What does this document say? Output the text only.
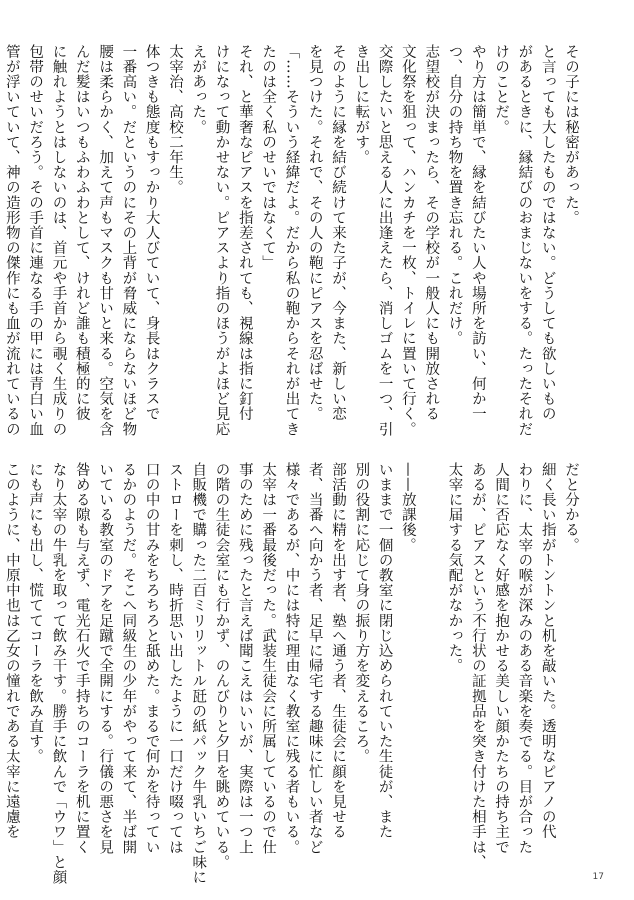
その子には秘密があった。
と言っても大したものではない。どうしても欲しいもの
があるときに、縁結びのおまじないをする。たったそれだ
けのことだ。
やり方は簡単で、縁を結びたい人や場所を訪い、何か一
つ、自分の持ち物を置き忘れる。これだけ。
志望校が決まったら、その学校が一般人にも開放される
文化祭を狙って、ハンカチを一枚、トイレに置いて行く。
交際したいと思える人に出逢えたら、消しゴムを一つ、引
き出しに転がす。
そのように縁を結び続けて来た子が、今また、新しい恋
を見つけた。それで、その人の鞄にピアスを忍ばせた。
「……そういう経緯だよ。だから私の鞄からそれが出てき
たのは全く私のせいではなくて」
それ、と華奢なピアスを指差されても、視線は指に釘付
けになって動かせない。ピアスより指のほうがよほど見応
えがあった。
太宰治、高校二年生。
体つきも態度もすっかり大人びていて、身長はクラスで
一番高い。だというのにその上背が脅威にならないほど物
腰は柔らかく、加えて声もマスクも甘いと来る。空気を含
んだ髪はいつもふわふわとして、けれど誰も積極的に彼
に触れようとはしないのは、首元や手首から覗く生成りの
包帯のせいだろう。その手首に連なる手の甲には青白い血
管が浮いていて、神の造形物の傑作にも血が流れているの
だと分かる。
細く長い指がトントンと机を敲いた。透明なピアノの代
わりに、太宰の喉が深みのある音楽を奏でる。目が合った
人間に否応なく好感を抱かせる美しい顔かたちの持ち主で
あるが、ピアスという不行状の証拠品を突き付けた相手は、
太宰に届する気配がなかった。
——放課後。
いままで一個の教室に閉じ込められていた生徒が、また
別の役割に応じて身の振り方を変えるころ。
部活動に精を出す者、塾へ通う者、生徒会に顔を見せる
者、当番へ向かう者、足早に帰宅する趣味に忙しい者など
様々であるが、中には特に理由なく教室に残る者もいる。
太宰は一番最後だった。武装生徒会に所属しているので仕
事のために残ったと言えば聞こえはいいが、実際は一つ上
の階の生徒会室にも行かず、のんびりと夕日を眺めている。
自販機で購った二百ミリリットル瓩の紙パック牛乳いちご味に
ストローを刺し、時折思い出したように一口だけ啜っては
口の中の甘みをちろちろと舐めた。まるで何かを待ってい
るかのようだ。そこへ同級生の少年がやって来て、半ば開
いている教室のドアを足蹴で全開にする。行儀の悪さを見
咎める隙も与えず、電光石火で手持ちのコーラを机に置く
なり太宰の牛乳を取って飲み干す。勝手に飲んで「ウワ」と顔
にも声にも出し、慌ててコーラを飲み直す。
このように、中原中也は乙女の憧れである太宰に遠慮を
17
